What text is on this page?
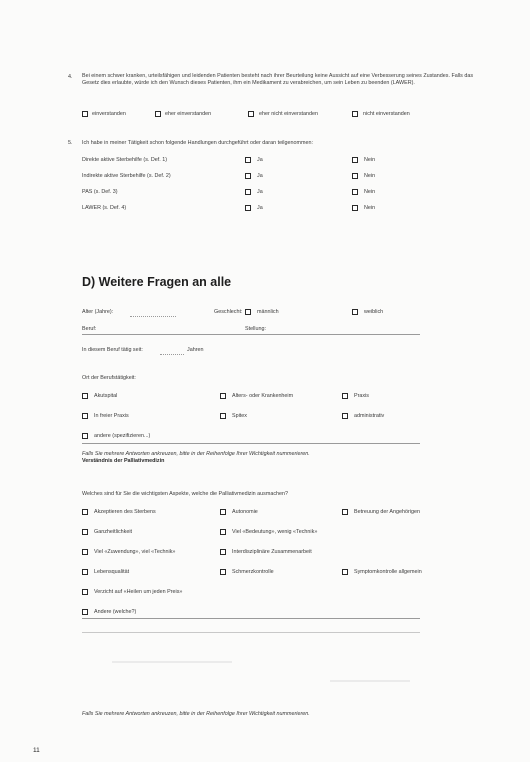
4. Bei einem schwer kranken, urteilsfähigen und leidenden Patienten besteht nach ihrer Beurteilung keine Aussicht auf eine Verbesserung seines Zustandes. Falls das Gesetz dies erlaubte, würde ich den Wunsch dieses Patienten, ihm ein Medikament zu verabreichen, um sein Leben zu beenden (LAWER).
einverstanden	eher einverstanden	eher nicht einverstanden	nicht einverstanden
5. Ich habe in meiner Tätigkeit schon folgende Handlungen durchgeführt oder daran teilgenommen:
Direkte aktive Sterbehilfe (s. Def. 1)	Ja	Nein
Indirekte aktive Sterbehilfe (s. Def. 2)	Ja	Nein
PAS (s. Def. 3)	Ja	Nein
LAWER (s. Def. 4)	Ja	Nein
D) Weitere Fragen an alle
Alter (Jahre):	Geschlecht:	männlich	weiblich
Beruf:	Stellung:
In diesem Beruf tätig seit:	Jahren
Ort der Berufstätigkeit:
Akutspital	Alters- oder Krankenheim	Praxis
In freier Praxis	Spitex	administrativ
andere (spezifizieren...)
Falls Sie mehrere Antworten ankreuzen, bitte in der Reihenfolge Ihrer Wichtigkeit nummerieren.
Verständnis der Palliativmedizin
Welches sind für Sie die wichtigsten Aspekte, welche die Palliativmedizin ausmachen?
Akzeptieren des Sterbens	Autonomie	Betreuung der Angehörigen
Ganzheitlichkeit	Viel «Bedeutung», wenig «Technik»
Viel «Zuwendung», viel «Technik»	Interdisziplinäre Zusammenarbeit
Lebensqualität	Schmerzkontrolle	Symptomkontrolle allgemein
Verzicht auf «Heilen um jeden Preis»
Andere (welche?)
Falls Sie mehrere Antworten ankreuzen, bitte in der Reihenfolge Ihrer Wichtigkeit nummerieren.
11
